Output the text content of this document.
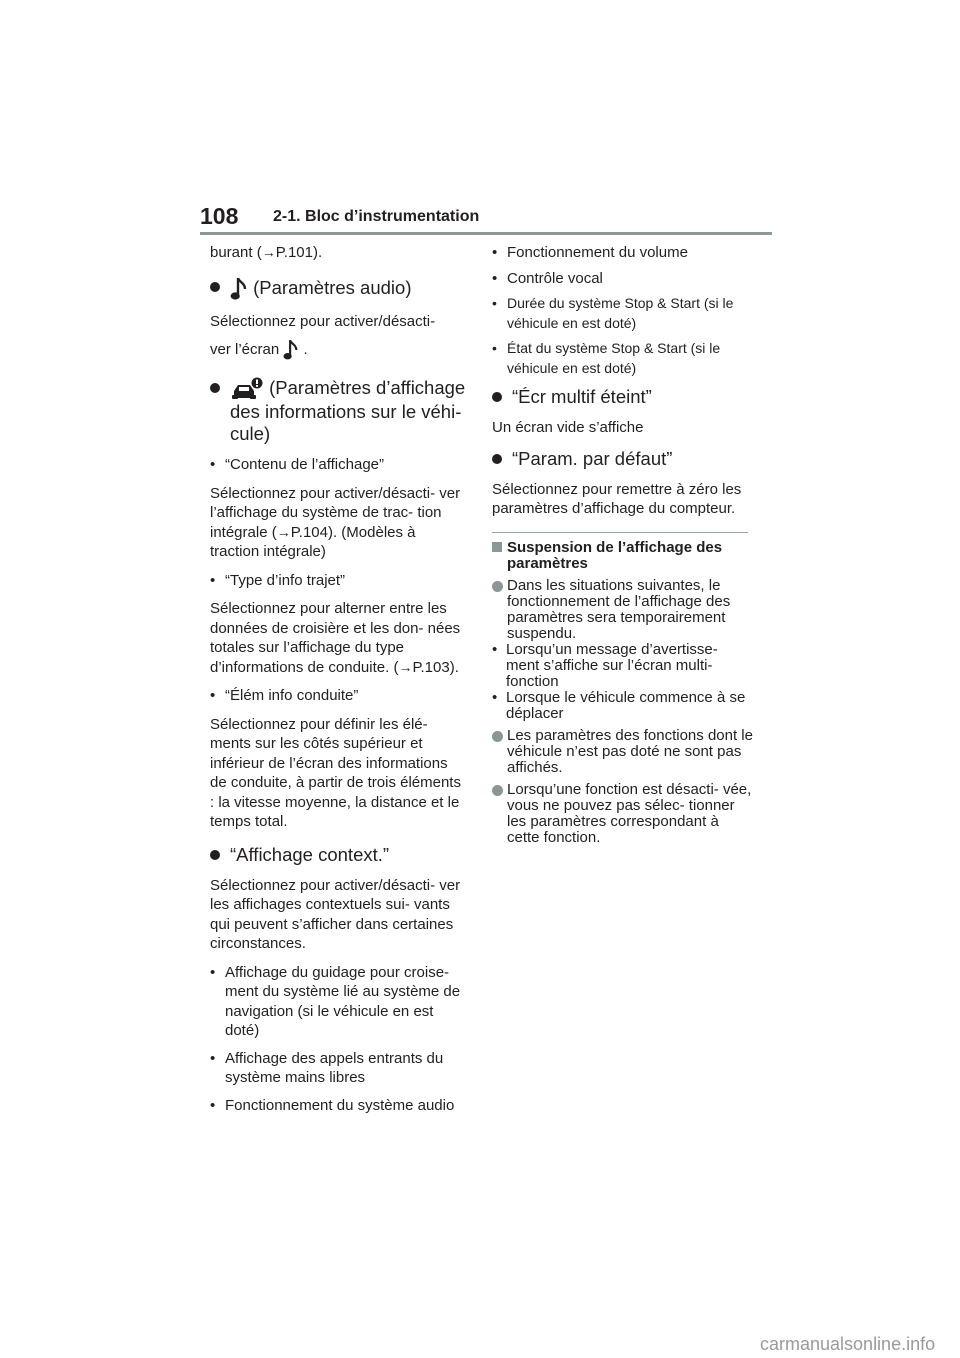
108 2-1. Bloc d’instrumentation

burant (→P.101).

(Paramètres audio)

Sélectionnez pour activer/désacti-
ver l’écran .

(Paramètres d’affichage des informations sur le véhi- cule)

• “Contenu de l’affichage”

Sélectionnez pour activer/désacti- ver l’affichage du système de trac- tion intégrale (→P.104). (Modèles à traction intégrale)

• “Type d’info trajet”

Sélectionnez pour alterner entre les données de croisière et les don- nées totales sur l’affichage du type d’informations de conduite. (→P.103).

• “Élém info conduite”

Sélectionnez pour définir les élé- ments sur les côtés supérieur et inférieur de l’écran des informations de conduite, à partir de trois éléments : la vitesse moyenne, la distance et le temps total.

“Affichage context.”

Sélectionnez pour activer/désacti- ver les affichages contextuels sui- vants qui peuvent s’afficher dans certaines circonstances.

• Affichage du guidage pour croise- ment du système lié au système de navigation (si le véhicule en est doté)

• Affichage des appels entrants du système mains libres

• Fonctionnement du système audio

• Fonctionnement du volume

• Contrôle vocal

• Durée du système Stop & Start (si le véhicule en est doté)

• État du système Stop & Start (si le véhicule en est doté)

“Écr multif éteint”

Un écran vide s’affiche

“Param. par défaut”

Sélectionnez pour remettre à zéro les paramètres d’affichage du compteur.

Suspension de l’affichage des paramètres
Dans les situations suivantes, le fonctionnement de l’affichage des paramètres sera temporairement suspendu.
• Lorsqu’un message d’avertisse- ment s’affiche sur l’écran multi- fonction
• Lorsque le véhicule commence à se déplacer
Les paramètres des fonctions dont le véhicule n’est pas doté ne sont pas affichés.
Lorsqu’une fonction est désacti- vée, vous ne pouvez pas sélec- tionner les paramètres correspondant à cette fonction.
carmanualsonline.info
